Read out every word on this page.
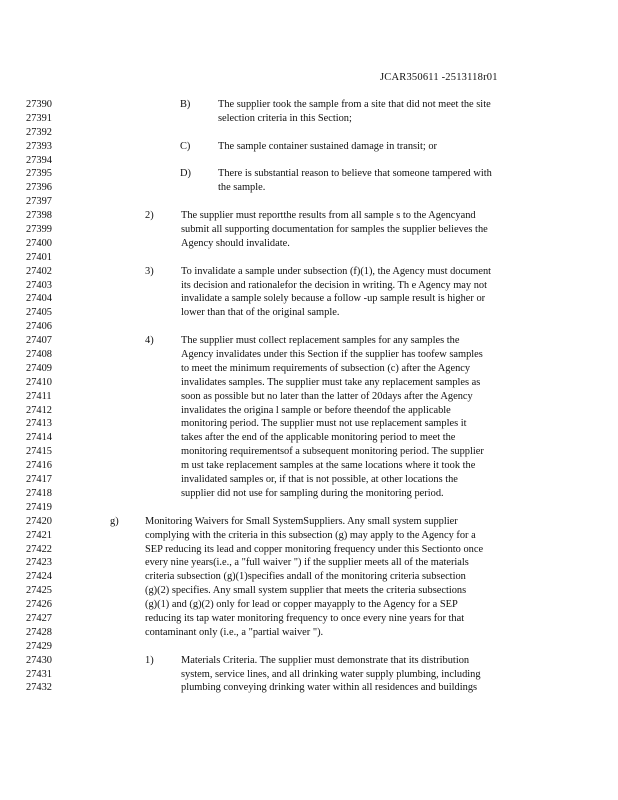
JCAR350611 -2513118r01
27390	B)	The supplier took the sample from a site that did not meet the site
27391	selection criteria in this Section;
27392
27393	C)	The sample container sustained damage in transit; or
27394
27395	D)	There is substantial reason to believe that someone tampered with
27396	the sample.
27397
27398	2)	The supplier must reportthe results from all sample s to the Agencyand
27399	submit all supporting documentation for samples the supplier believes the
27400	Agency should invalidate.
27401
27402	3)	To invalidate a sample under subsection (f)(1), the Agency must document
27403	its decision and rationalefor the decision in writing. Th e Agency may not
27404	invalidate a sample solely because a follow -up sample result is higher or
27405	lower than that of the original sample.
27406
27407	4)	The supplier must collect replacement samples for any samples the
27408	Agency invalidates under this Section if the supplier has toofew samples
27409	to meet the minimum requirements of subsection (c) after the Agency
27410	invalidates samples. The supplier must take any replacement samples as
27411	soon as possible but no later than the latter of 20days after the Agency
27412	invalidates the origina l sample or before theendof the applicable
27413	monitoring period. The supplier must not use replacement samples it
27414	takes after the end of the applicable monitoring period to meet the
27415	monitoring requirementsof a subsequent monitoring period. The supplier
27416	m ust take replacement samples at the same locations where it took the
27417	invalidated samples or, if that is not possible, at other locations the
27418	supplier did not use for sampling during the monitoring period.
27419
27420	g)	Monitoring Waivers for Small SystemSuppliers. Any small system supplier
27421	complying with the criteria in this subsection (g) may apply to the Agency for a
27422	SEP reducing its lead and copper monitoring frequency under this Sectionto once
27423	every nine years(i.e., a "full waiver ") if the supplier meets all of the materials
27424	criteria subsection (g)(1)specifies andall of the monitoring criteria subsection
27425	(g)(2) specifies. Any small system supplier that meets the criteria subsections
27426	(g)(1) and (g)(2) only for lead or copper mayapply to the Agency for a SEP
27427	reducing its tap water monitoring frequency to once every nine years for that
27428	contaminant only (i.e., a "partial waiver ").
27429
27430	1)	Materials Criteria. The supplier must demonstrate that its distribution
27431	system, service lines, and all drinking water supply plumbing, including
27432	plumbing conveying drinking water within all residences and buildings
